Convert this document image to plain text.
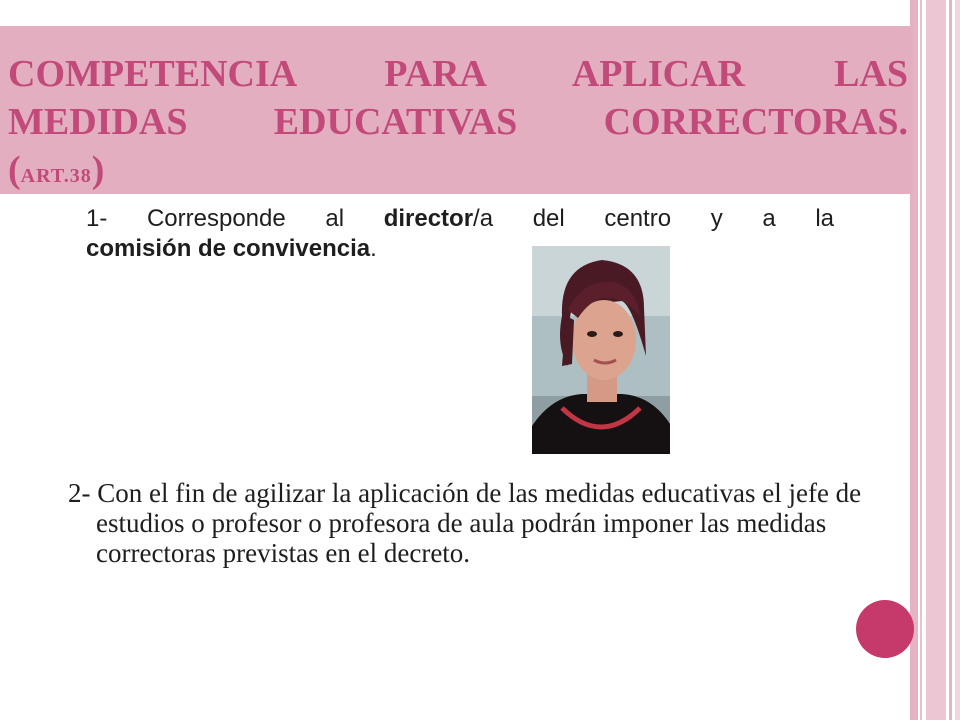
COMPETENCIA PARA APLICAR LAS
MEDIDAS EDUCATIVAS CORRECTORAS.
(ART.38)

1- Corresponde al director/a del centro y a la
comisión de convivencia.

2- Con el fin de agilizar la aplicación de las medidas educativas el jefe de estudios o profesor o profesora de aula podrán imponer las medidas correctoras previstas en el decreto.
